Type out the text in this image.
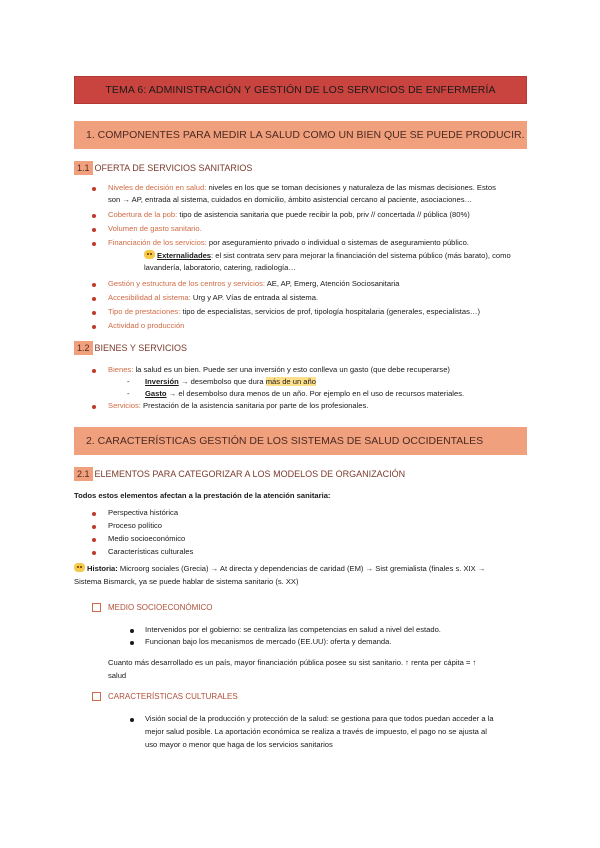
TEMA 6: ADMINISTRACIÓN Y GESTIÓN DE LOS SERVICIOS DE ENFERMERÍA
1. COMPONENTES PARA MEDIR LA SALUD COMO UN BIEN QUE SE PUEDE PRODUCIR.
1.1 OFERTA DE SERVICIOS SANITARIOS
Niveles de decisión en salud: niveles en los que se toman decisiones y naturaleza de las mismas decisiones. Estos
son → AP, entrada al sistema, cuidados en domicilio, ámbito asistencial cercano al paciente, asociaciones…
Cobertura de la pob: tipo de asistencia sanitaria que puede recibir la pob, priv // concertada // pública (80%)
Volumen de gasto sanitario.
Financiación de los servicios: por aseguramiento privado o individual o sistemas de aseguramiento público.
Externalidades: el sist contrata serv para mejorar la financiación del sistema público (más barato), como
lavandería, laboratorio, catering, radiología…
Gestión y estructura de los centros y servicios: AE, AP, Emerg, Atención Sociosanitaria
Accesibilidad al sistema: Urg y AP. Vías de entrada al sistema.
Tipo de prestaciones: tipo de especialistas, servicios de prof, tipología hospitalaria (generales, especialistas…)
Actividad o producción
1.2 BIENES Y SERVICIOS
Bienes: la salud es un bien. Puede ser una inversión y esto conlleva un gasto (que debe recuperarse)
- Inversión → desembolso que dura más de un año
- Gasto → el desembolso dura menos de un año. Por ejemplo en el uso de recursos materiales.
Servicios: Prestación de la asistencia sanitaria por parte de los profesionales.
2. CARACTERÍSTICAS GESTIÓN DE LOS SISTEMAS DE SALUD OCCIDENTALES
2.1 ELEMENTOS PARA CATEGORIZAR A LOS MODELOS DE ORGANIZACIÓN
Todos estos elementos afectan a la prestación de la atención sanitaria:
Perspectiva histórica
Proceso político
Medio socioeconómico
Características culturales
Historia: Microorg sociales (Grecia) → At directa y dependencias de caridad (EM) → Sist gremialista (finales s. XIX →
Sistema Bismarck, ya se puede hablar de sistema sanitario (s. XX)
MEDIO SOCIOECONÓMICO
Intervenidos por el gobierno: se centraliza las competencias en salud a nivel del estado.
Funcionan bajo los mecanismos de mercado (EE.UU): oferta y demanda.
Cuanto más desarrollado es un país, mayor financiación pública posee su sist sanitario. ↑ renta per cápita = ↑
salud
CARACTERÍSTICAS CULTURALES
Visión social de la producción y protección de la salud: se gestiona para que todos puedan acceder a la
mejor salud posible. La aportación económica se realiza a través de impuesto, el pago no se ajusta al
uso mayor o menor que haga de los servicios sanitarios
